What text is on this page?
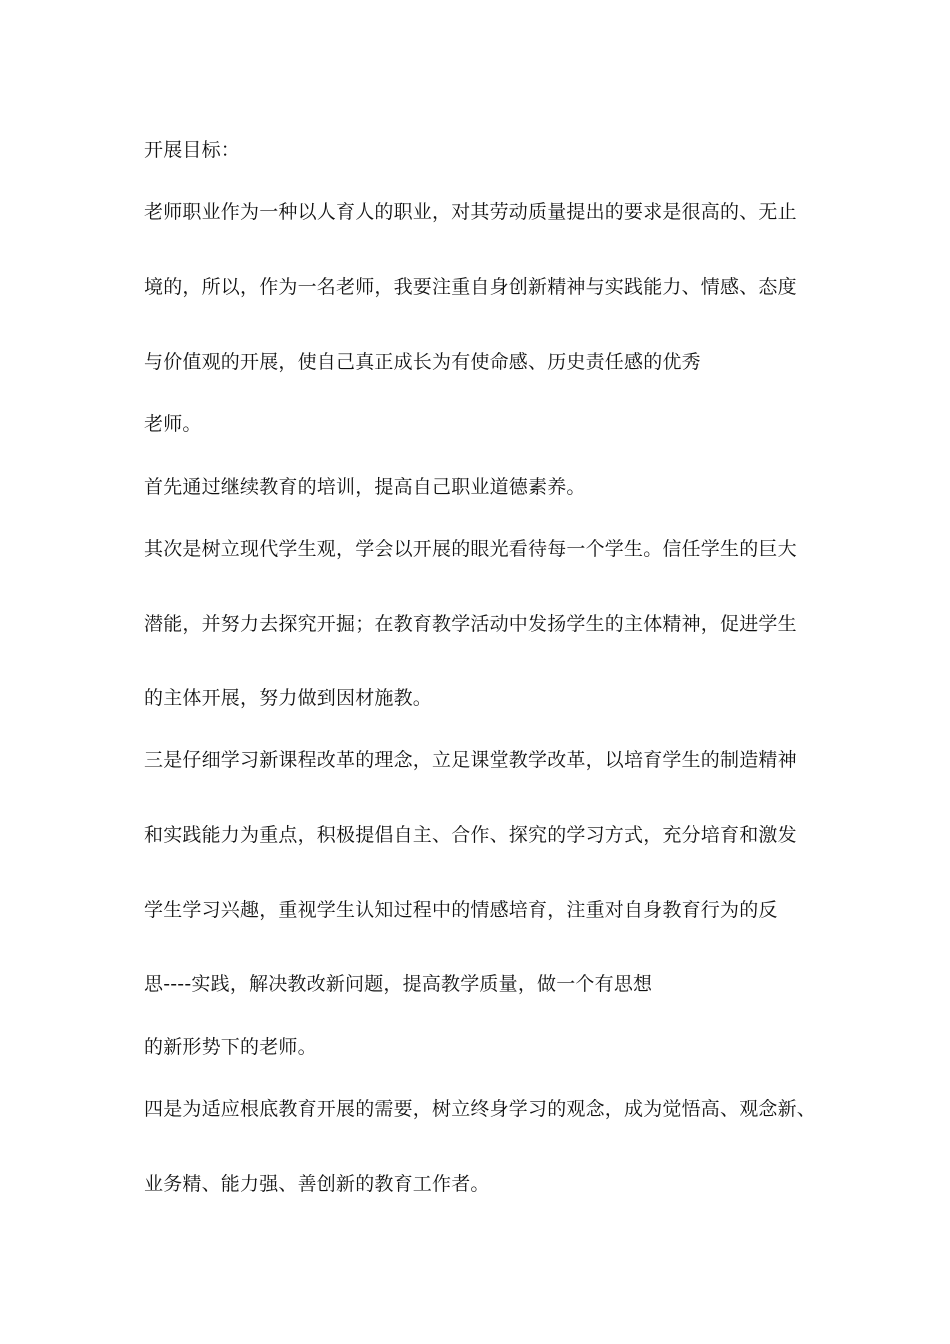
开展目标：
老师职业作为一种以人育人的职业，对其劳动质量提出的要求是很高的、无止
境的，所以，作为一名老师，我要注重自身创新精神与实践能力、情感、态度
与价值观的开展，使自己真正成长为有使命感、历史责任感的优秀
老师。
首先通过继续教育的培训，提高自己职业道德素养。
其次是树立现代学生观，学会以开展的眼光看待每一个学生。信任学生的巨大
潜能，并努力去探究开掘；在教育教学活动中发扬学生的主体精神，促进学生
的主体开展，努力做到因材施教。
三是仔细学习新课程改革的理念，立足课堂教学改革，以培育学生的制造精神
和实践能力为重点，积极提倡自主、合作、探究的学习方式，充分培育和激发
学生学习兴趣，重视学生认知过程中的情感培育，注重对自身教育行为的反
思----实践，解决教改新问题，提高教学质量，做一个有思想
的新形势下的老师。
四是为适应根底教育开展的需要，树立终身学习的观念，成为觉悟高、观念新、
业务精、能力强、善创新的教育工作者。
